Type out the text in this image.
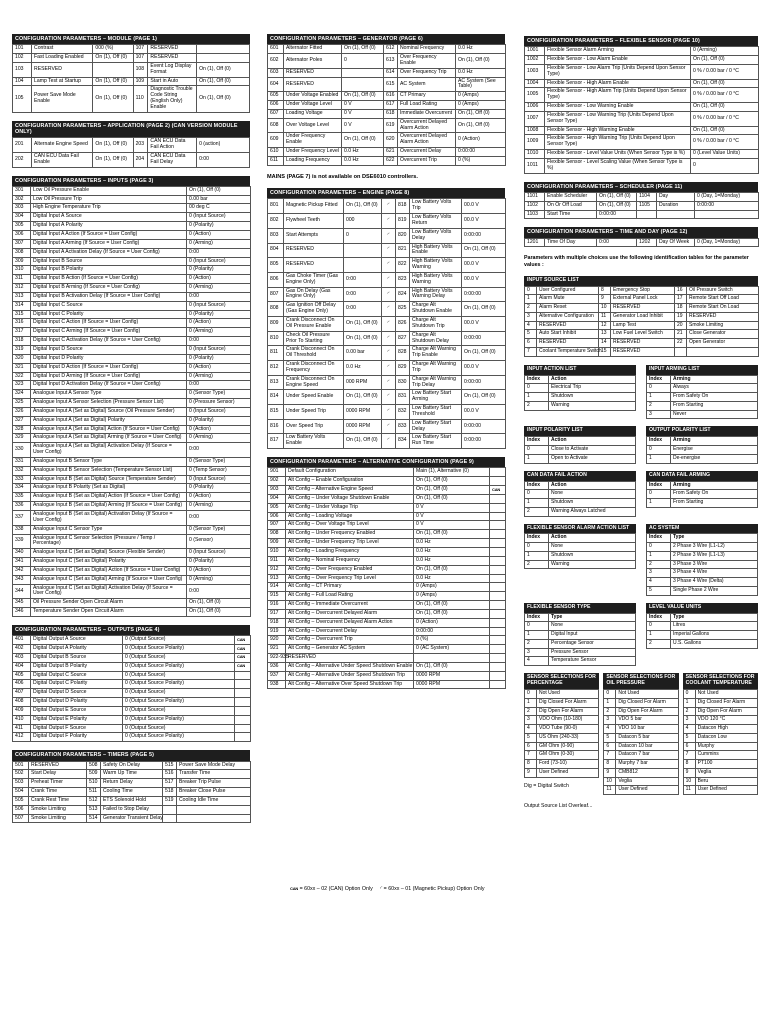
CONFIGURATION PARAMETERS – MODULE (PAGE 1)
101	Contrast	000 (%)	107	RESERVED	
102	Fast Loading Enabled	On (1), Off (0)	107	RESERVED	
103	RESERVED		108	Event Log Display Format	On (1), Off (0)
104	Lamp Test at Startup	On (1), Off (0)	109	Start in Auto	On (1), Off (0)
105	Power Save Mode Enable	On (1), Off (0)	110	Diagnostic Trouble Code String (English Only) Enable	On (1), Off (0)
CONFIGURATION PARAMETERS – APPLICATION (PAGE 2) (CAN VERSION MODULE ONLY)
201	Alternate Engine Speed	On (1), Off (0)	203	CAN ECU Data Fail Action	0 (action)
202	CAN ECU Data Fail Enable	On (1), Off (0)	204	CAN ECU Data Fail Delay	0:00
CONFIGURATION PARAMETERS – INPUTS (PAGE 3)
301	Low Oil Pressure Enable	On (1), Off (0)
302	Low Oil Pressure Trip	0.00 bar
303	High Engine Temperature Trip	00 deg C
304	Digital Input A Source	0 (Input Source)
305	Digital Input A Polarity	0 (Polarity)
306	Digital Input A Action (If Source = User Config)	0 (Action)
307	Digital Input A Arming (If Source = User Config)	0 (Arming)
308	Digital Input A Activation Delay (If Source = User Config)	0:00
309	Digital Input B Source	0 (Input Source)
310	Digital Input B Polarity	0 (Polarity)
311	Digital Input B Action (If Source = User Config)	0 (Action)
312	Digital Input B Arming (If Source = User Config)	0 (Arming)
313	Digital Input B Activation Delay (If Source = User Config)	0:00
314	Digital Input C Source	0 (Input Source)
315	Digital Input C Polarity	0 (Polarity)
316	Digital Input C Action (If Source = User Config)	0 (Action)
317	Digital Input C Arming (If Source = User Config)	0 (Arming)
318	Digital Input C Activation Delay (If Source = User Config)	0:00
319	Digital Input D Source	0 (Input Source)
320	Digital Input D Polarity	0 (Polarity)
321	Digital Input D Action (If Source = User Config)	0 (Action)
322	Digital Input D Arming (If Source = User Config)	0 (Arming)
323	Digital Input D Activation Delay (If Source = User Config)	0:00
324	Analogue Input A Sensor Type	0 (Sensor Type)
325	Analogue Input A Sensor Selection (Pressure Sensor List)	0 (Pressure Sensor)
326	Analogue Input A (Set as Digital) Source (Oil Pressure Sender)	0 (Input Source)
327	Analogue Input A (Set as Digital) Polarity	0 (Polarity)
328	Analogue Input A (Set as Digital) Action (If Source = User Config)	0 (Action)
329	Analogue Input A (Set as Digital) Arming (If Source = User Config)	0 (Arming)
330	Analogue Input A (Set as Digital) Activation Delay (If Source = User Config)	0:00
331	Analogue Input B Sensor Type	0 (Sensor Type)
332	Analogue Input B Sensor Selection (Temperature Sensor List)	0 (Temp Sensor)
333	Analogue Input B (Set as Digital) Source (Temperature Sender)	0 (Input Source)
334	Analogue Input B Polarity (Set as Digital)	0 (Polarity)
335	Analogue Input B (Set as Digital) Action (If Source = User Config)	0 (Action)
336	Analogue Input B (Set as Digital) Arming (If Source = User Config)	0 (Arming)
337	Analogue Input B (Set as Digital) Activation Delay (If Source = User Config)	0:00
338	Analogue Input C Sensor Type	0 (Sensor Type)
339	Analogue Input C Sensor Selection (Pressure / Temp / Percentage)	0 (Sensor)
340	Analogue Input C (Set as Digital) Source (Flexible Sender)	0 (Input Source)
341	Analogue Input C (Set as Digital) Polarity	0 (Polarity)
342	Analogue Input C (Set as Digital) Action (If Source = User Config)	0 (Action)
343	Analogue Input C (Set as Digital) Arming (If Source = User Config)	0 (Arming)
344	Analogue Input C (Set as Digital) Activation Delay (If Source = User Config)	0:00
345	Oil Pressure Sender Open Circuit Alarm	On (1), Off (0)
346	Temperature Sender Open Circuit Alarm	On (1), Off (0)
CONFIGURATION PARAMETERS – OUTPUTS (PAGE 4)
401	Digital Output A Source	0 (Output Source)	CAN
402	Digital Output A Polarity	0 (Output Source Polarity)	CAN
403	Digital Output B Source	0 (Output Source)	CAN
404	Digital Output B Polarity	0 (Output Source Polarity)	CAN
405	Digital Output C Source	0 (Output Source)	
406	Digital Output C Polarity	0 (Output Source Polarity)	
407	Digital Output D Source	0 (Output Source)	
408	Digital Output D Polarity	0 (Output Source Polarity)	
409	Digital Output E Source	0 (Output Source)	
410	Digital Output E Polarity	0 (Output Source Polarity)	
411	Digital Output F Source	0 (Output Source)	
412	Digital Output F Polarity	0 (Output Source Polarity)	
CONFIGURATION PARAMETERS – TIMERS (PAGE 5)
501	RESERVED	508	Safety On Delay	515	Power Save Mode Delay
502	Start Delay	509	Warm Up Time	516	Transfer Time
503	Preheat Timer	510	Return Delay	517	Breaker Trip Pulse
504	Crank Time	511	Cooling Time	518	Breaker Close Pulse
505	Crank Rest Time	512	ETS Solenoid Hold	519	Cooling Idle Time
506	Smoke Limiting	513	Failed to Stop Delay		
507	Smoke Limiting	514	Generator Transient Delay		
CONFIGURATION PARAMETERS – GENERATOR (PAGE 6)
601	Alternator Fitted	On (1), Off (0)	612	Nominal Frequency	0.0 Hz
602	Alternator Poles	0	613	Over Frequency Enable	On (1), Off (0)
603	RESERVED		614	Over Frequency Trip	0.0 Hz
604	RESERVED		615	AC System	AC System (See Table)
605	Under Voltage Enabled	On (1), Off (0)	616	CT Primary	0 (Amps)
606	Under Voltage Level	0 V	617	Full Load Rating	0 (Amps)
607	Loading Voltage	0 V	618	Immediate Overcurrent	On (1), Off (0)
608	Over Voltage Level	0 V	619	Overcurrent Delayed Alarm Action	On (1), Off (0)
609	Under Frequency Enable	On (1), Off (0)	620	Overcurrent Delayed Alarm Action	0 (Action)
610	Under Frequency Level	0.0 Hz	621	Overcurrent Delay	0:00:00
611	Loading Frequency	0.0 Hz	622	Overcurrent Trip	0 (%)
MAINS (PAGE 7) is not available on DSE6010 controllers.
CONFIGURATION PARAMETERS – ENGINE (PAGE 8)
801	Magnetic Pickup Fitted	On (1), Off (0)	◜	818	Low Battery Volts Trip	00.0 V
802	Flywheel Teeth	000	◜	819	Low Battery Volts Return	00.0 V
803	Start Attempts	0	◜	820	Low Battery Volts Delay	0:00:00
804	RESERVED		◜	821	High Battery Volts Enable	On (1), Off (0)
805	RESERVED		◜	822	High Battery Volts Warning	00.0 V
806	Gas Choke Timer (Gas Engine Only)	0:00	◜	823	High Battery Volts Warning	00.0 V
807	Gas On Delay (Gas Engine Only)	0:00	◜	824	High Battery Volts Warning Delay	0:00:00
808	Gas Ignition Off Delay (Gas Engine Only)	0:00	◜	825	Charge Alt Shutdown Enable	On (1), Off (0)
809	Crank Disconnect On Oil Pressure Enable	On (1), Off (0)	◜	826	Charge Alt Shutdown Trip	00.0 V
810	Check Oil Pressure Prior To Starting	On (1), Off (0)	◜	827	Charge Alt Shutdown Delay	0:00:00
811	Crank Disconnect On Oil Threshold	0.00 bar	◜	828	Charge Alt Warning Trip Enable	On (1), Off (0)
812	Crank Disconnect On Frequency	0.0 Hz	◜	829	Charge Alt Warning Trip	00.0 V
813	Crank Disconnect On Engine Speed	000 RPM	◜	830	Charge Alt Warning Trip Delay	0:00:00
814	Under Speed Enable	On (1), Off (0)	◜	831	Low Battery Start Arming	On (1), Off (0)
815	Under Speed Trip	0000 RPM	◜	832	Low Battery Start Threshold	00.0 V
816	Over Speed Trip	0000 RPM	◜	833	Low Battery Start Delay	0:00:00
817	Low Battery Volts Enable	On (1), Off (0)	◜	834	Low Battery Start Run Time	0:00:00
CONFIGURATION PARAMETERS – ALTERNATIVE CONFIGURATION (PAGE 9)
901	Default Configuration	Main (1), Alternative (0)	
902	Alt Config – Enable Configuration	On (1), Off (0)	
903	Alt Config – Alternative Engine Speed	On (1), Off (0)	CAN
904	Alt Config – Under Voltage Shutdown Enable	On (1), Off (0)	
905	Alt Config – Under Voltage Trip	0 V	
906	Alt Config – Loading Voltage	0 V	
907	Alt Config – Over Voltage Trip Level	0 V	
908	Alt Config – Under Frequency Enabled	On (1), Off (0)	
909	Alt Config – Under Frequency Trip Level	0.0 Hz	
910	Alt Config – Loading Frequency	0.0 Hz	
911	Alt Config – Nominal Frequency	0.0 Hz	
912	Alt Config – Over Frequency Enabled	On (1), Off (0)	
913	Alt Config – Over Frequency Trip Level	0.0 Hz	
914	Alt Config – CT Primary	0 (Amps)	
915	Alt Config – Full Load Rating	0 (Amps)	
916	Alt Config – Immediate Overcurrent	On (1), Off (0)	
917	Alt Config – Overcurrent Delayed Alarm	On (1), Off (0)	
918	Alt Config – Overcurrent Delayed Alarm Action	0 (Action)	
919	Alt Config – Overcurrent Delay	0:00:00	
920	Alt Config – Overcurrent Trip	0 (%)	
921	Alt Config – Generator AC System	0 (AC System)	
922-935	RESERVED		
936	Alt Config – Alternative Under Speed Shutdown Enable	On (1), Off (0)	
937	Alt Config – Alternative Under Speed Shutdown Trip	0000 RPM	
938	Alt Config – Alternative Over Speed Shutdown Trip	0000 RPM	
CAN = 60xx – 02 (CAN) Option Only ◜ = 60xx – 01 (Magnetic Pickup) Option Only
CONFIGURATION PARAMETERS – FLEXIBLE SENSOR (PAGE 10)
1001	Flexible Sensor Alarm Arming	0 (Arming)
1002	Flexible Sensor - Low Alarm Enable	On (1), Off (0)
1003	Flexible Sensor - Low Alarm Trip (Units Depend Upon Sensor Type)	0 % / 0.00 bar / 0 °C
1004	Flexible Sensor - High Alarm Enable	On (1), Off (0)
1005	Flexible Sensor - High Alarm Trip (Units Depend Upon Sensor Type)	0 % / 0.00 bar / 0 °C
1006	Flexible Sensor - Low Warning Enable	On (1), Off (0)
1007	Flexible Sensor - Low Warning Trip (Units Depend Upon Sensor Type)	0 % / 0.00 bar / 0 °C
1008	Flexible Sensor - High Warning Enable	On (1), Off (0)
1009	Flexible Sensor - High Warning Trip (Units Depend Upon Sensor Type)	0 % / 0.00 bar / 0 °C
1010	Flexible Sensor - Level Value Units (When Sensor Type is %)	0 (Level Value Units)
1011	Flexible Sensor - Level Scaling Value (When Sensor Type is %)	0
CONFIGURATION PARAMETERS – SCHEDULER (PAGE 11)
1101	Enable Scheduler	On (1), Off (0)	1104	Day	0 (Day, 1=Monday)
1102	On Or Off Load	On (1), Off (0)	1105	Duration	0:00:00
1103	Start Time	0:00:00			
CONFIGURATION PARAMETERS – TIME AND DAY (PAGE 12)
1201	Time Of Day	0:00	1202	Day Of Week	0 (Day, 1=Monday)
Parameters with multiple choices use the following identification tables for the parameter values :
INPUT SOURCE LIST
0	User Configured	8	Emergency Stop	16	Oil Pressure Switch
1	Alarm Mute	9	External Panel Lock	17	Remote Start Off Load
2	Alarm Reset	10	RESERVED	18	Remote Start On Load
3	Alternative Configuration	11	Generator Load Inhibit	19	RESERVED
4	RESERVED	12	Lamp Test	20	Smoke Limiting
5	Auto Start Inhibit	13	Low Fuel Level Switch	21	Close Generator
6	RESERVED	14	RESERVED	22	Open Generator
7	Coolant Temperature Switch	15	RESERVED		
INPUT ACTION LIST
Index	Action
0	Electrical Trip
1	Shutdown
2	Warning
INPUT ARMING LIST
Index	Arming
0	Always
1	From Safety On
2	From Starting
3	Never
INPUT POLARITY LIST
Index	Action
0	Close to Activate
1	Open to Activate
OUTPUT POLARITY LIST
Index	Arming
0	Energise
1	De-energise
CAN DATA FAIL ACTION
Index	Action
0	None
1	Shutdown
2	Warning Always Latched
CAN DATA FAIL ARMING
Index	Arming
0	From Safety On
1	From Starting
FLEXIBLE SENSOR ALARM ACTION LIST
Index	Action
0	None
1	Shutdown
2	Warning
AC SYSTEM
Index	Type
0	2 Phase 3 Wire (L1-L2)
1	2 Phase 3 Wire (L1-L3)
2	3 Phase 3 Wire
3	3 Phase 4 Wire
4	3 Phase 4 Wire (Delta)
5	Single Phase 2 Wire
FLEXIBLE SENSOR TYPE
Index	Type
0	None
1	Digital Input
2	Percentage Sensor
3	Pressure Sensor
4	Temperature Sensor
LEVEL VALUE UNITS
Index	Type
0	Litres
1	Imperial Gallons
2	U.S. Gallons
SENSOR SELECTIONS FOR PERCENTAGE
0	Not Used
1	Dig Closed For Alarm
2	Dig Open For Alarm
3	VDO Ohm (10-180)
4	VDO Tube (90-0)
5	US Ohm (240-33)
6	GM Ohm (0-90)
7	GM Ohm (0-30)
8	Ford (73-10)
9	User Defined
Dig = Digital Switch
Output Source List Overleaf...
SENSOR SELECTIONS FOR OIL PRESSURE
0	Not Used
1	Dig Closed For Alarm
2	Dig Open For Alarm
3	VDO 5 bar
4	VDO 10 bar
5	Datacon 5 bar
6	Datacon 10 bar
7	Datacon 7 bar
8	Murphy 7 bar
9	CMB812
10	Veglia
11	User Defined
SENSOR SELECTIONS FOR COOLANT TEMPERATURE
0	Not Used
1	Dig Closed For Alarm
2	Dig Open For Alarm
3	VDO 120 °C
4	Datacon High
5	Datacon Low
6	Murphy
7	Cummins
8	PT100
9	Veglia
10	Beru
11	User Defined
